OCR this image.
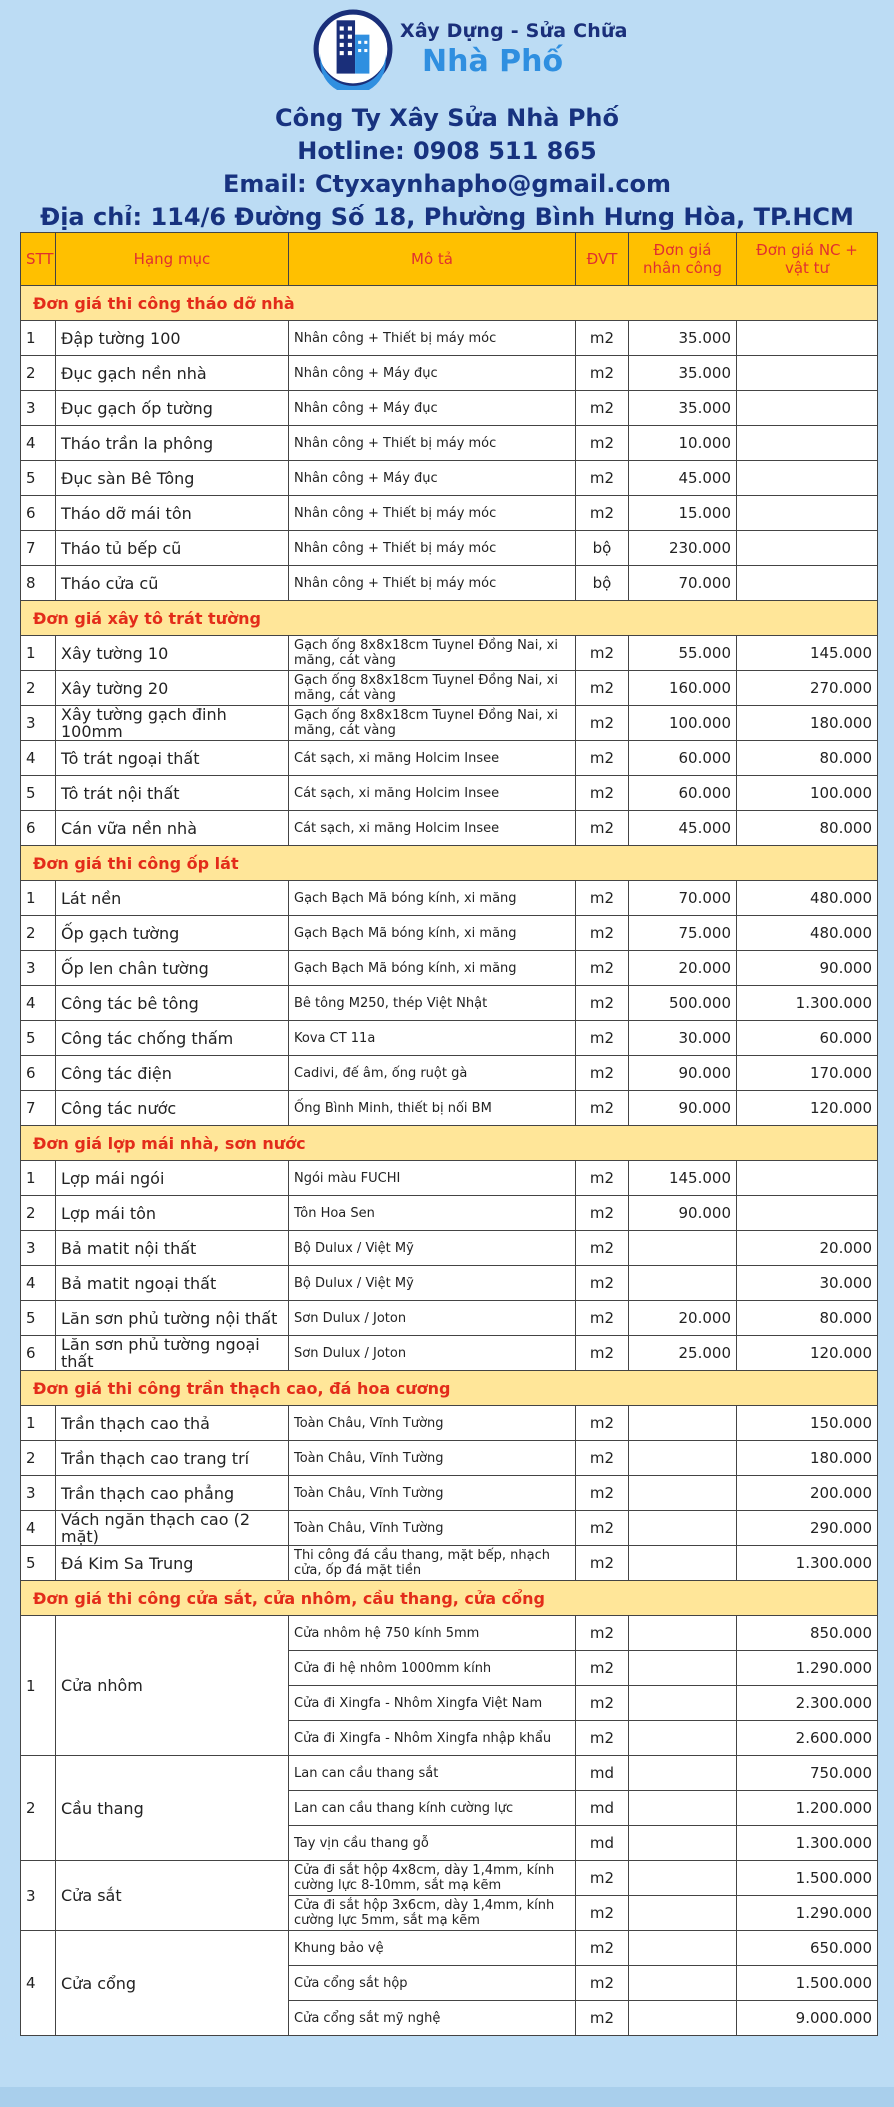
Xây Dựng - Sửa Chữa
Nhà Phố
Công Ty Xây Sửa Nhà Phố
Hotline: 0908 511 865
Email: Ctyxaynhapho@gmail.com
Địa chỉ: 114/6 Đường Số 18, Phường Bình Hưng Hòa, TP.HCM
STT	Hạng mục	Mô tả	ĐVT	Đơn giá nhân công	Đơn giá NC + vật tư
Đơn giá thi công tháo dỡ nhà					
1	Đập tường 100	Nhân công + Thiết bị máy móc	m2	35.000	
2	Đục gạch nền nhà	Nhân công + Máy đục	m2	35.000	
3	Đục gạch ốp tường	Nhân công + Máy đục	m2	35.000	
4	Tháo trần la phông	Nhân công + Thiết bị máy móc	m2	10.000	
5	Đục sàn Bê Tông	Nhân công + Máy đục	m2	45.000	
6	Tháo dỡ mái tôn	Nhân công + Thiết bị máy móc	m2	15.000	
7	Tháo tủ bếp cũ	Nhân công + Thiết bị máy móc	bộ	230.000	
8	Tháo cửa cũ	Nhân công + Thiết bị máy móc	bộ	70.000	
Đơn giá xây tô trát tường					
1	Xây tường 10	Gạch ống 8x8x18cm Tuynel Đồng Nai, xi măng, cát vàng	m2	55.000	145.000
2	Xây tường 20	Gạch ống 8x8x18cm Tuynel Đồng Nai, xi măng, cát vàng	m2	160.000	270.000
3	Xây tường gạch đinh 100mm	Gạch ống 8x8x18cm Tuynel Đồng Nai, xi măng, cát vàng	m2	100.000	180.000
4	Tô trát ngoại thất	Cát sạch, xi măng Holcim Insee	m2	60.000	80.000
5	Tô trát nội thất	Cát sạch, xi măng Holcim Insee	m2	60.000	100.000
6	Cán vữa nền nhà	Cát sạch, xi măng Holcim Insee	m2	45.000	80.000
Đơn giá thi công ốp lát					
1	Lát nền	Gạch Bạch Mã bóng kính, xi măng	m2	70.000	480.000
2	Ốp gạch tường	Gạch Bạch Mã bóng kính, xi măng	m2	75.000	480.000
3	Ốp len chân tường	Gạch Bạch Mã bóng kính, xi măng	m2	20.000	90.000
4	Công tác bê tông	Bê tông M250, thép Việt Nhật	m2	500.000	1.300.000
5	Công tác chống thấm	Kova CT 11a	m2	30.000	60.000
6	Công tác điện	Cadivi, đế âm, ống ruột gà	m2	90.000	170.000
7	Công tác nước	Ống Bình Minh, thiết bị nối BM	m2	90.000	120.000
Đơn giá lợp mái nhà, sơn nước					
1	Lợp mái ngói	Ngói màu FUCHI	m2	145.000	
2	Lợp mái tôn	Tôn Hoa Sen	m2	90.000	
3	Bả matit nội thất	Bộ Dulux / Việt Mỹ	m2		20.000
4	Bả matit ngoại thất	Bộ Dulux / Việt Mỹ	m2		30.000
5	Lăn sơn phủ tường nội thất	Sơn Dulux / Joton	m2	20.000	80.000
6	Lăn sơn phủ tường ngoại thất	Sơn Dulux / Joton	m2	25.000	120.000
Đơn giá thi công trần thạch cao, đá hoa cương					
1	Trần thạch cao thả	Toàn Châu, Vĩnh Tường	m2		150.000
2	Trần thạch cao trang trí	Toàn Châu, Vĩnh Tường	m2		180.000
3	Trần thạch cao phẳng	Toàn Châu, Vĩnh Tường	m2		200.000
4	Vách ngăn thạch cao (2 mặt)	Toàn Châu, Vĩnh Tường	m2		290.000
5	Đá Kim Sa Trung	Thi công đá cầu thang, mặt bếp, nhạch cửa, ốp đá mặt tiền	m2		1.300.000
Đơn giá thi công cửa sắt, cửa nhôm, cầu thang, cửa cổng					
1	Cửa nhôm	Cửa nhôm hệ 750 kính 5mm	m2		850.000
		Cửa đi hệ nhôm 1000mm kính	m2		1.290.000
		Cửa đi Xingfa - Nhôm Xingfa Việt Nam	m2		2.300.000
		Cửa đi Xingfa - Nhôm Xingfa nhập khẩu	m2		2.600.000
2	Cầu thang	Lan can cầu thang sắt	md		750.000
		Lan can cầu thang kính cường lực	md		1.200.000
		Tay vịn cầu thang gỗ	md		1.300.000
3	Cửa sắt	Cửa đi sắt hộp 4x8cm, dày 1,4mm, kính cường lực 8-10mm, sắt mạ kẽm	m2		1.500.000
		Cửa đi sắt hộp 3x6cm, dày 1,4mm, kính cường lực 5mm, sắt mạ kẽm	m2		1.290.000
4	Cửa cổng	Khung bảo vệ	m2		650.000
		Cửa cổng sắt hộp	m2		1.500.000
		Cửa cổng sắt mỹ nghệ	m2		9.000.000
